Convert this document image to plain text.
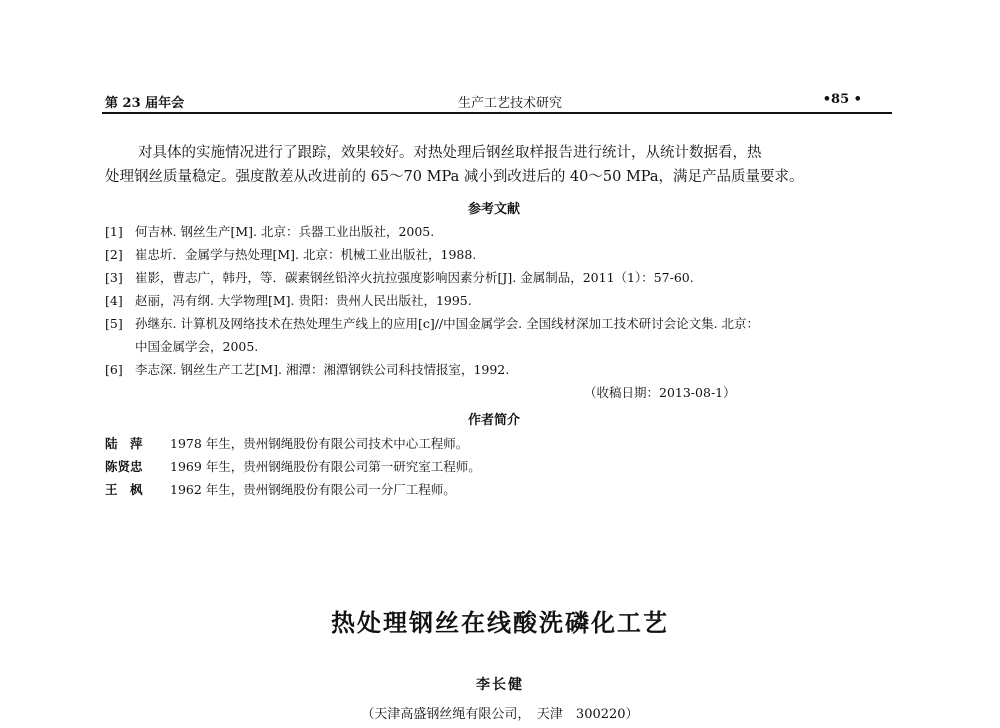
第 23 届年会	生产工艺技术研究	•85 •
对具体的实施情况进行了跟踪，效果较好。对热处理后钢丝取样报告进行统计，从统计数据看，热
处理钢丝质量稳定。强度散差从改进前的 65～70 MPa 减小到改进后的 40～50 MPa，满足产品质量要求。
参考文献
[1] 何吉林. 钢丝生产[M]. 北京：兵器工业出版社，2005.
[2] 崔忠圻．金属学与热处理[M]. 北京：机械工业出版社，1988.
[3] 崔影，曹志广，韩丹，等．碳素钢丝铅淬火抗拉强度影响因素分析[J]. 金属制品，2011（1）：57-60.
[4] 赵丽，冯有纲. 大学物理[M]. 贵阳：贵州人民出版社，1995.
[5] 孙继东. 计算机及网络技术在热处理生产线上的应用[c]//中国金属学会. 全国线材深加工技术研讨会论文集. 北京：
中国金属学会，2005.
[6] 李志深. 钢丝生产工艺[M]. 湘潭：湘潭钢铁公司科技情报室，1992.
（收稿日期：2013-08-1）
作者简介
陆　萍 1978 年生，贵州钢绳股份有限公司技术中心工程师。
陈贤忠 1969 年生，贵州钢绳股份有限公司第一研究室工程师。
王　枫 1962 年生，贵州钢绳股份有限公司一分厂工程师。
热处理钢丝在线酸洗磷化工艺
李长健
（天津高盛钢丝绳有限公司，　天津　300220）
